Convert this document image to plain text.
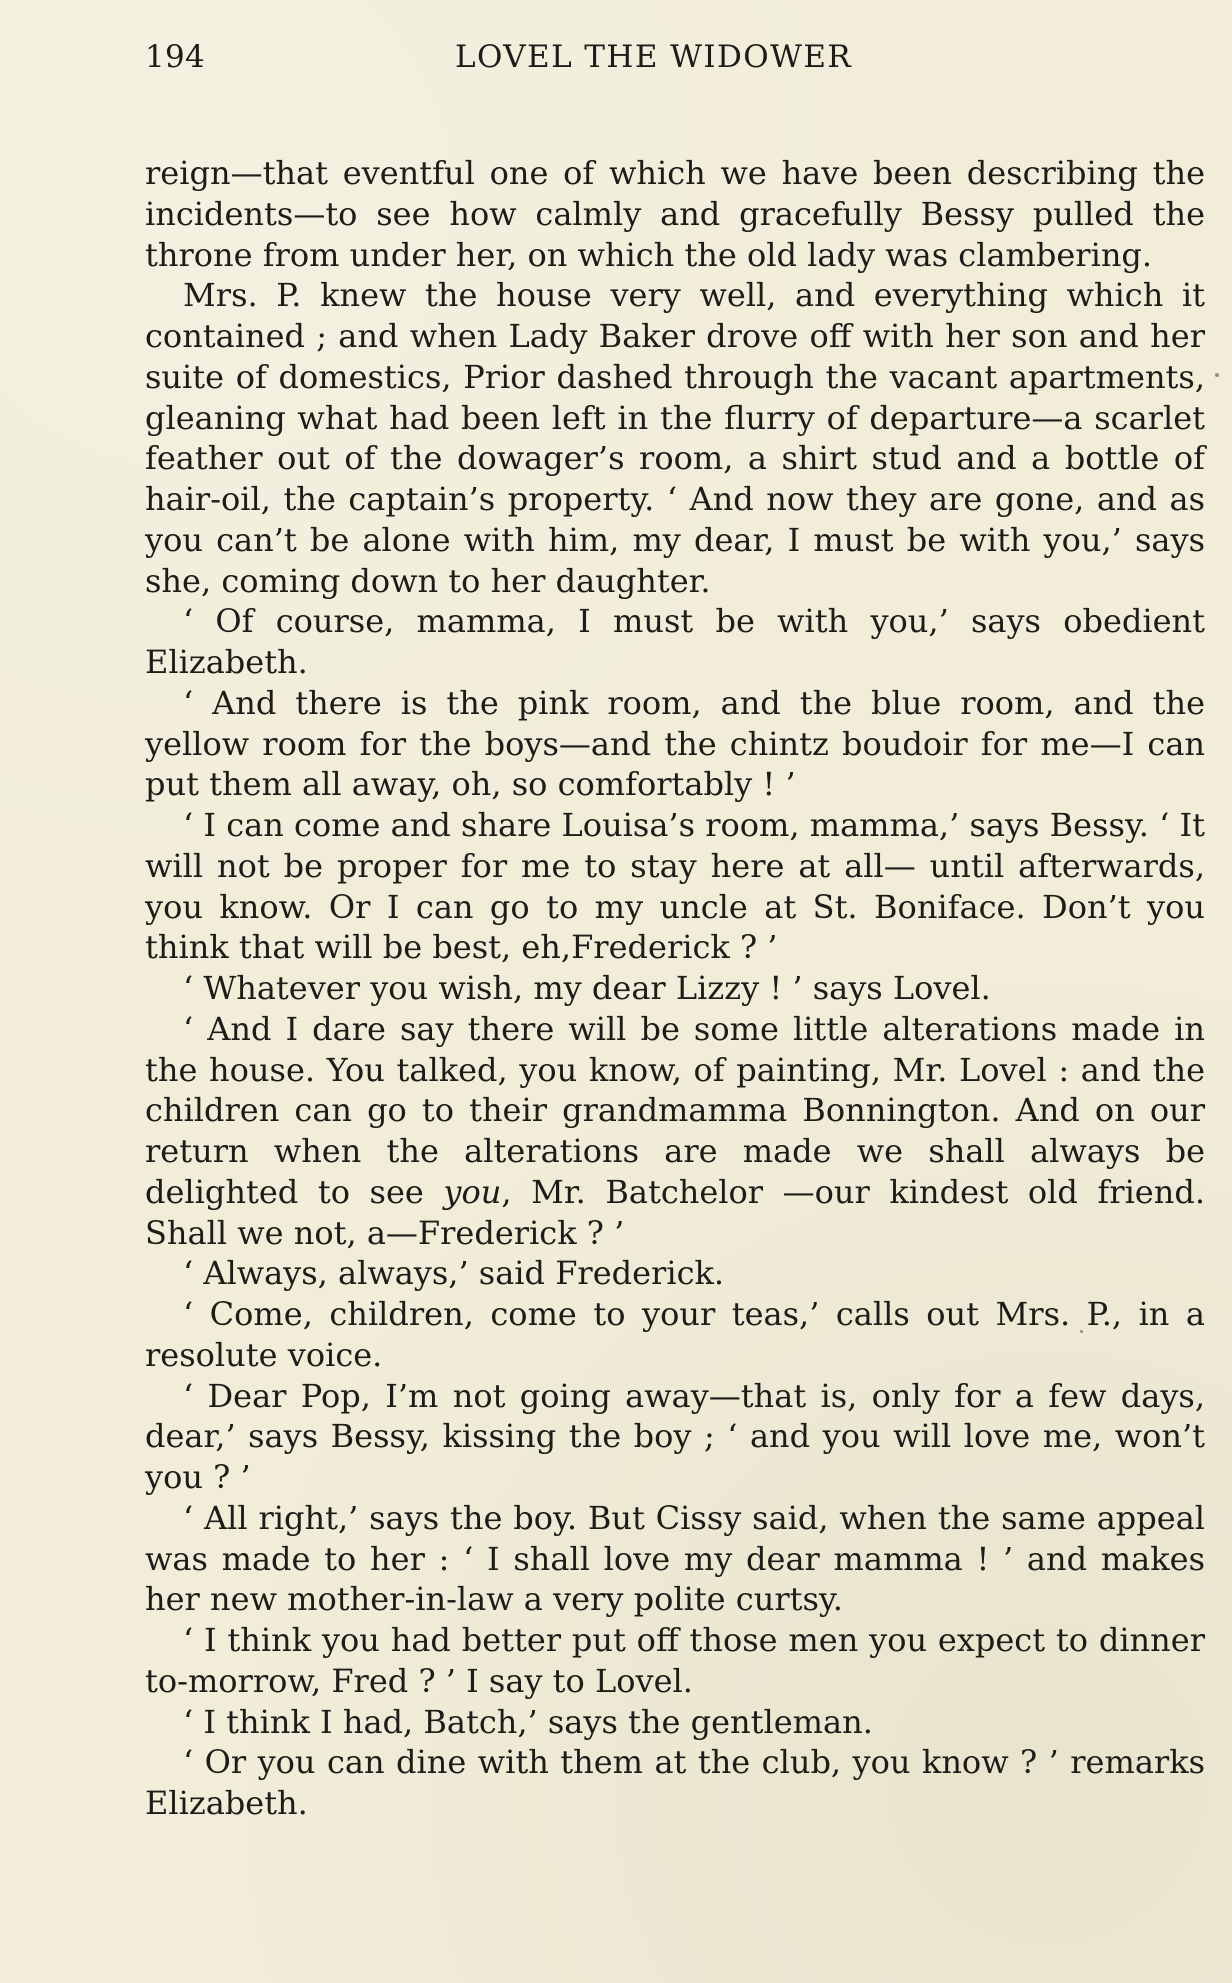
194	LOVEL THE WIDOWER

reign—that eventful one of which we have been describing the incidents—to see how calmly and gracefully Bessy pulled the throne from under her, on which the old lady was clambering.

Mrs. P. knew the house very well, and everything which it contained ; and when Lady Baker drove off with her son and her suite of domestics, Prior dashed through the vacant apartments, gleaning what had been left in the flurry of departure—a scarlet feather out of the dowager’s room, a shirt stud and a bottle of hair-oil, the captain’s property. ‘ And now they are gone, and as you can’t be alone with him, my dear, I must be with you,’ says she, coming down to her daughter.

‘ Of course, mamma, I must be with you,’ says obedient Elizabeth.

‘ And there is the pink room, and the blue room, and the yellow room for the boys—and the chintz boudoir for me—I can put them all away, oh, so comfortably ! ’

‘ I can come and share Louisa’s room, mamma,’ says Bessy. ‘ It will not be proper for me to stay here at all— until afterwards, you know. Or I can go to my uncle at St. Boniface. Don’t you think that will be best, eh,Frederick ? ’

‘ Whatever you wish, my dear Lizzy ! ’ says Lovel.

‘ And I dare say there will be some little alterations made in the house. You talked, you know, of painting, Mr. Lovel : and the children can go to their grandmamma Bonnington. And on our return when the alterations are made we shall always be delighted to see you, Mr. Batchelor —our kindest old friend. Shall we not, a—Frederick ? ’

‘ Always, always,’ said Frederick.

‘ Come, children, come to your teas,’ calls out Mrs. P., in a resolute voice.

‘ Dear Pop, I’m not going away—that is, only for a few days, dear,’ says Bessy, kissing the boy ; ‘ and you will love me, won’t you ? ’

‘ All right,’ says the boy. But Cissy said, when the same appeal was made to her : ‘ I shall love my dear mamma ! ’ and makes her new mother-in-law a very polite curtsy.

‘ I think you had better put off those men you expect to dinner to-morrow, Fred ? ’ I say to Lovel.

‘ I think I had, Batch,’ says the gentleman.

‘ Or you can dine with them at the club, you know ? ’ remarks Elizabeth.
